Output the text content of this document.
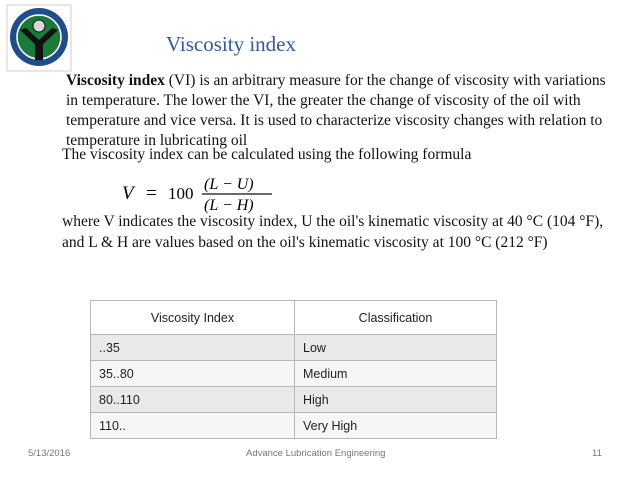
Viscosity index
Viscosity index (VI) is an arbitrary measure for the change of viscosity with variations in temperature. The lower the VI, the greater the change of viscosity of the oil with temperature and vice versa. It is used to characterize viscosity changes with relation to temperature in lubricating oil
The viscosity index can be calculated using the following formula
V = 100 (L − U)
(L − H)
where V indicates the viscosity index, U the oil's kinematic viscosity at 40 °C (104 °F), and L & H are values based on the oil's kinematic viscosity at 100 °C (212 °F)
Viscosity Index	Classification
..35	Low
35..80	Medium
80..110	High
110..	Very High
5/13/2016	Advance Lubrication Engineering	11
